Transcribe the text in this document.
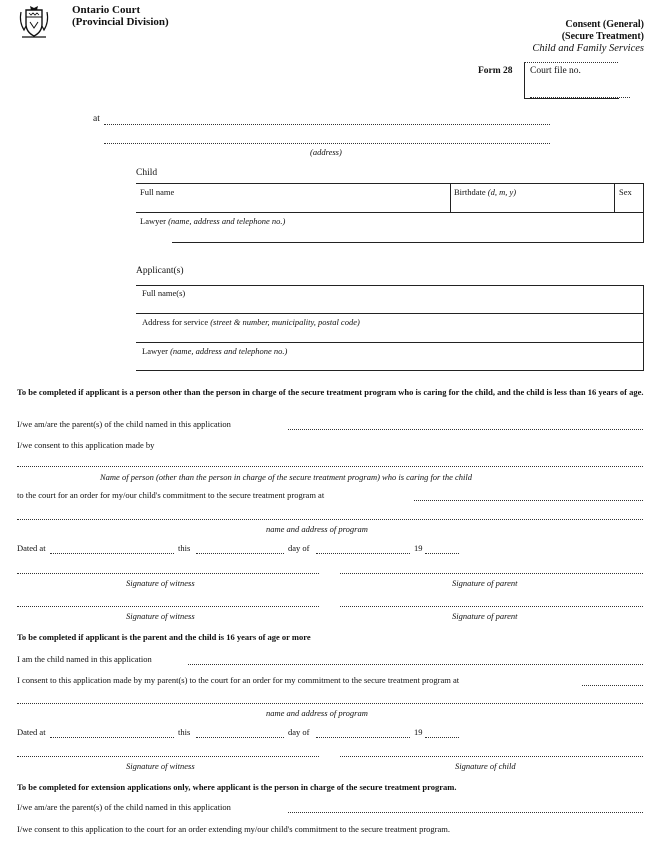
Ontario Court
(Provincial Division)	Consent (General)
(Secure Treatment)
Child and Family Services
Form 28 Court file no.
at
(address)
Child
Full name	Birthdate (d, m, y)	Sex
Lawyer (name, address and telephone no.)
Applicant(s)
Full name(s)
Address for service (street & number, municipality, postal code)
Lawyer (name, address and telephone no.)
To be completed if applicant is a person other than the person in charge of the secure treatment program who is caring for the child, and the child is less than 16 years of age.
I/we am/are the parent(s) of the child named in this application
I/we consent to this application made by
Name of person (other than the person in charge of the secure treatment program) who is caring for the child
to the court for an order for my/our child's commitment to the secure treatment program at
name and address of program
Dated at	this	day of	19
Signature of witness	Signature of parent
Signature of witness	Signature of parent
To be completed if applicant is the parent and the child is 16 years of age or more
I am the child named in this application
I consent to this application made by my parent(s) to the court for an order for my commitment to the secure treatment program at
name and address of program
Dated at	this	day of	19
Signature of witness	Signature of child
To be completed for extension applications only, where applicant is the person in charge of the secure treatment program.
I/we am/are the parent(s) of the child named in this application
I/we consent to this application to the court for an order extending my/our child's commitment to the secure treatment program.
